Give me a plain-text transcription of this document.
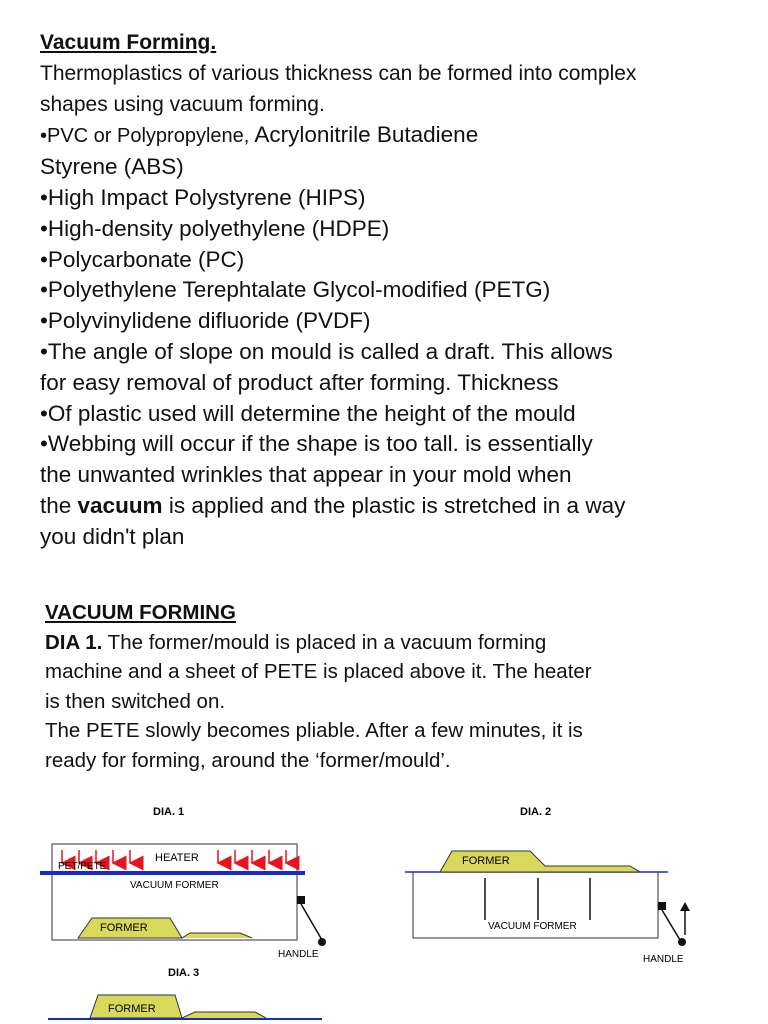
Vacuum Forming.
Thermoplastics of various thickness can be formed into complex
shapes using vacuum forming.
•PVC or Polypropylene, Acrylonitrile Butadiene
Styrene (ABS)
•High Impact Polystyrene (HIPS)
•High-density polyethylene (HDPE)
•Polycarbonate (PC)
•Polyethylene Terephtalate Glycol-modified (PETG)
•Polyvinylidene difluoride (PVDF)
•The angle of slope on mould is called a draft. This allows
for easy removal of product after forming. Thickness
•Of plastic used will determine the height of the mould
•Webbing will occur if the shape is too tall. is essentially
the unwanted wrinkles that appear in your mold when
the vacuum is applied and the plastic is stretched in a way
you didn't plan
VACUUM FORMING
DIA 1. The former/mould is placed in a vacuum forming
machine and a sheet of PETE is placed above it. The heater
is then switched on.
The PETE slowly becomes pliable. After a few minutes, it is
ready for forming, around the ‘former/mould’.
DIA. 1
HEATER
PET/PETE
VACUUM FORMER
FORMER
HANDLE
DIA. 2
FORMER
VACUUM FORMER
HANDLE
DIA. 3
FORMER
